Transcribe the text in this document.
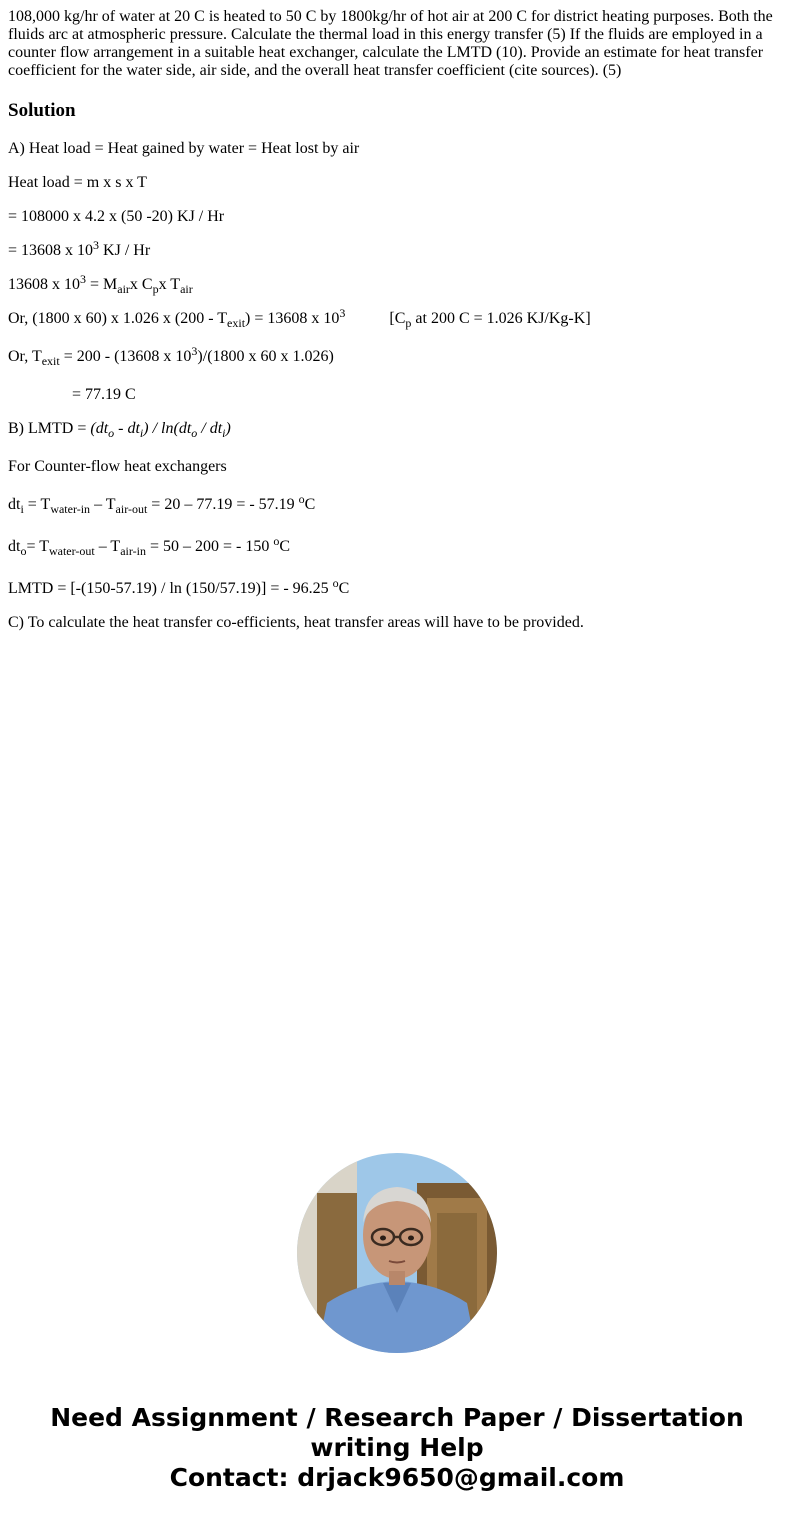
108,000 kg/hr of water at 20 C is heated to 50 C by 1800kg/hr of hot air at 200 C for district heating purposes. Both the fluids arc at atmospheric pressure. Calculate the thermal load in this energy transfer (5) If the fluids are employed in a counter flow arrangement in a suitable heat exchanger, calculate the LMTD (10). Provide an estimate for heat transfer coefficient for the water side, air side, and the overall heat transfer coefficient (cite sources). (5)

Solution

A) Heat load = Heat gained by water = Heat lost by air

Heat load = m x s x T

= 108000 x 4.2 x (50 -20) KJ / Hr

= 13608 x $10^3$ KJ / Hr

13608 x $10^3 = M_{air}x$ $C_px$ $T_{air}$

Or, (1800 x 60) x 1.026 x $(200 - T_{exit}) = 13608$ x $10^3$	[$C_p$ at 200 C = 1.026 KJ/Kg-K]

Or, $T_{exit} = 200 - (13608$ x $10^3)/(1800$ x 60 x 1.026)

= 77.19 C

B) LMTD = $(dt_o - dt_i) / \ln(dt_o / dt_i)$

For Counter-flow heat exchangers

$dt_i = T_{water-in} - T_{air-out} = 20 - 77.19$ = - 57.19 $^o$C

$dt_o= T_{water-out} - T_{air-in} = 50 - 200$ = - 150 $^o$C

LMTD = [-(150-57.19) / ln (150/57.19)] = - 96.25 $^o$C

C) To calculate the heat transfer co-efficients, heat transfer areas will have to be provided.

Need Assignment / Research Paper / Dissertation
writing Help
Contact: drjack9650@gmail.com
